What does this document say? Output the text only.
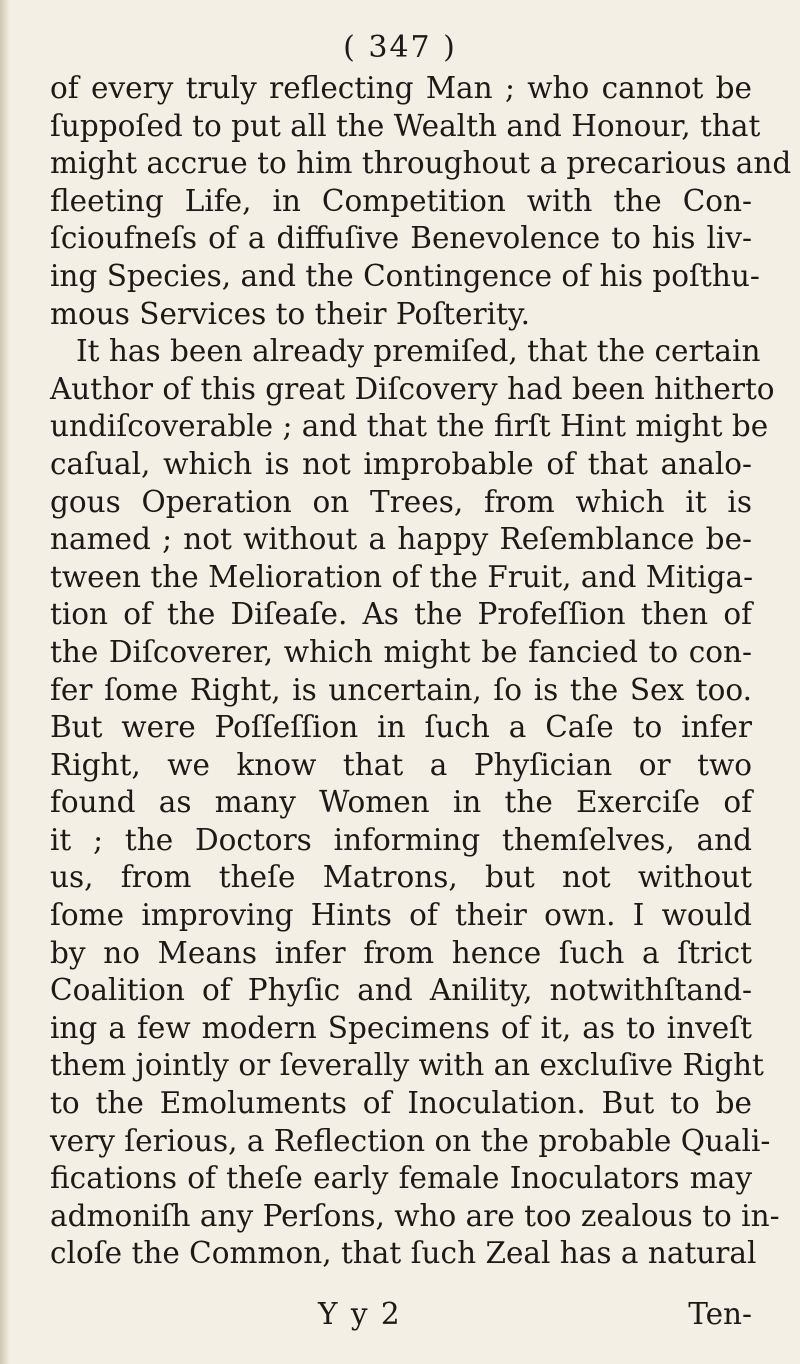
( 347 )
of every truly reflecting Man ; who cannot be
ſuppoſed to put all the Wealth and Honour, that
might accrue to him throughout a precarious and
fleeting Life, in Competition with the Con-
ſcioufneſs of a diffuſive Benevolence to his liv-
ing Species, and the Contingence of his poſthu-
mous Services to their Poſterity.
It has been already premiſed, that the certain
Author of this great Diſcovery had been hitherto
undiſcoverable ; and that the firſt Hint might be
caſual, which is not improbable of that analo-
gous Operation on Trees, from which it is
named ; not without a happy Reſemblance be-
tween the Melioration of the Fruit, and Mitiga-
tion of the Diſeaſe. As the Profeſſion then of
the Diſcoverer, which might be fancied to con-
fer ſome Right, is uncertain, ſo is the Sex too.
But were Poſſeſſion in ſuch a Caſe to infer
Right, we know that a Phyſician or two
found as many Women in the Exerciſe of
it ; the Doctors informing themſelves, and
us, from theſe Matrons, but not without
ſome improving Hints of their own. I would
by no Means infer from hence ſuch a ſtrict
Coalition of Phyſic and Anility, notwithſtand-
ing a few modern Specimens of it, as to inveſt
them jointly or ſeverally with an excluſive Right
to the Emoluments of Inoculation. But to be
very ſerious, a Reflection on the probable Quali-
fications of theſe early female Inoculators may
admoniſh any Perſons, who are too zealous to in-
cloſe the Common, that ſuch Zeal has a natural
Y y 2	Ten-
